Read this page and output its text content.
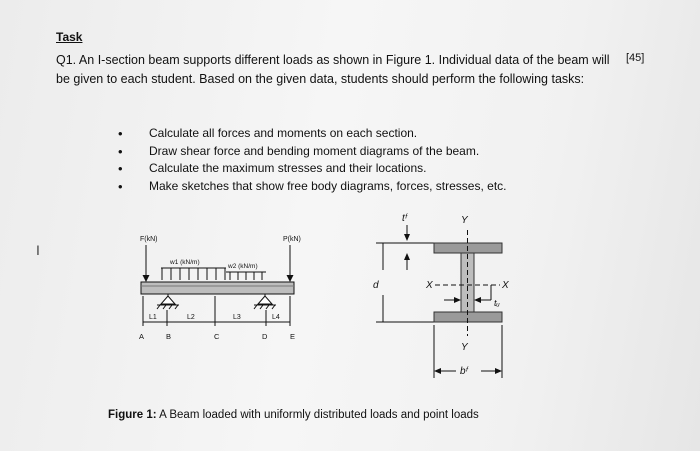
Task
[45]
Q1. An I-section beam supports different loads as shown in Figure 1. Individual data of the beam will be given to each student. Based on the given data, students should perform the following tasks:
• Calculate all forces and moments on each section.
• Draw shear force and bending moment diagrams of the beam.
• Calculate the maximum stresses and their locations.
• Make sketches that show free body diagrams, forces, stresses, etc.
I
F(kN)	P(kN)
w1 (kN/m)
w2 (kN/m)
L1	L2	L3	L4
A	B	C	D	E
tᶠ
d
Y
X	X
tᵤ
Y
bᶠ
Figure 1: A Beam loaded with uniformly distributed loads and point loads
